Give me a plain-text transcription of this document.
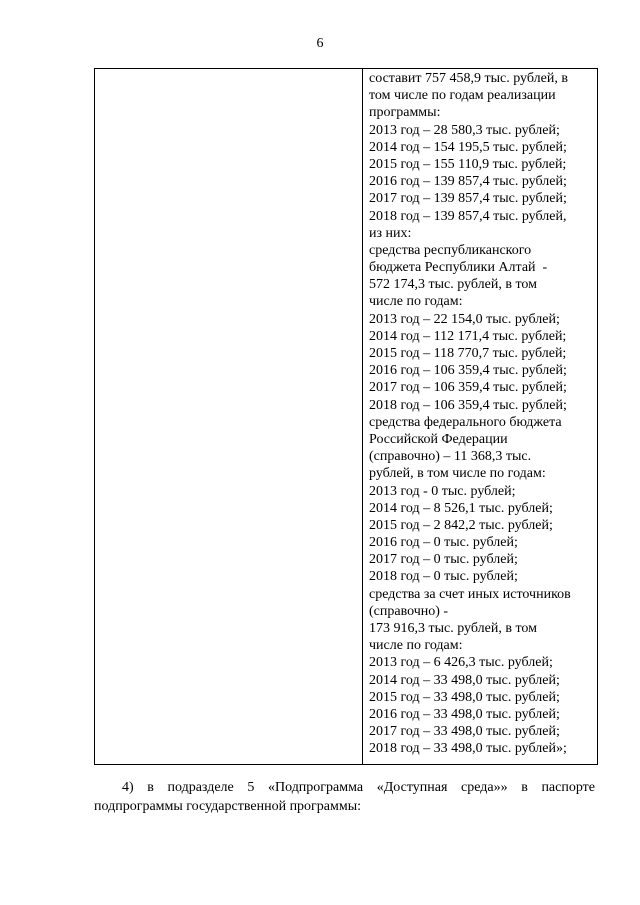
6

составит 757 458,9 тыс. рублей, в
том числе по годам реализации
программы:
2013 год – 28 580,3 тыс. рублей;
2014 год – 154 195,5 тыс. рублей;
2015 год – 155 110,9 тыс. рублей;
2016 год – 139 857,4 тыс. рублей;
2017 год – 139 857,4 тыс. рублей;
2018 год – 139 857,4 тыс. рублей,
из них:
средства республиканского
бюджета Республики Алтай  -
572 174,3 тыс. рублей, в том
числе по годам:
2013 год – 22 154,0 тыс. рублей;
2014 год – 112 171,4 тыс. рублей;
2015 год – 118 770,7 тыс. рублей;
2016 год – 106 359,4 тыс. рублей;
2017 год – 106 359,4 тыс. рублей;
2018 год – 106 359,4 тыс. рублей;
средства федерального бюджета
Российской Федерации
(справочно) – 11 368,3 тыс.
рублей, в том числе по годам:
2013 год - 0 тыс. рублей;
2014 год – 8 526,1 тыс. рублей;
2015 год – 2 842,2 тыс. рублей;
2016 год – 0 тыс. рублей;
2017 год – 0 тыс. рублей;
2018 год – 0 тыс. рублей;
средства за счет иных источников
(справочно) -
173 916,3 тыс. рублей, в том
числе по годам:
2013 год – 6 426,3 тыс. рублей;
2014 год – 33 498,0 тыс. рублей;
2015 год – 33 498,0 тыс. рублей;
2016 год – 33 498,0 тыс. рублей;
2017 год – 33 498,0 тыс. рублей;
2018 год – 33 498,0 тыс. рублей»;

4) в подразделе 5 «Подпрограмма «Доступная среда»» в паспорте подпрограммы государственной программы:
